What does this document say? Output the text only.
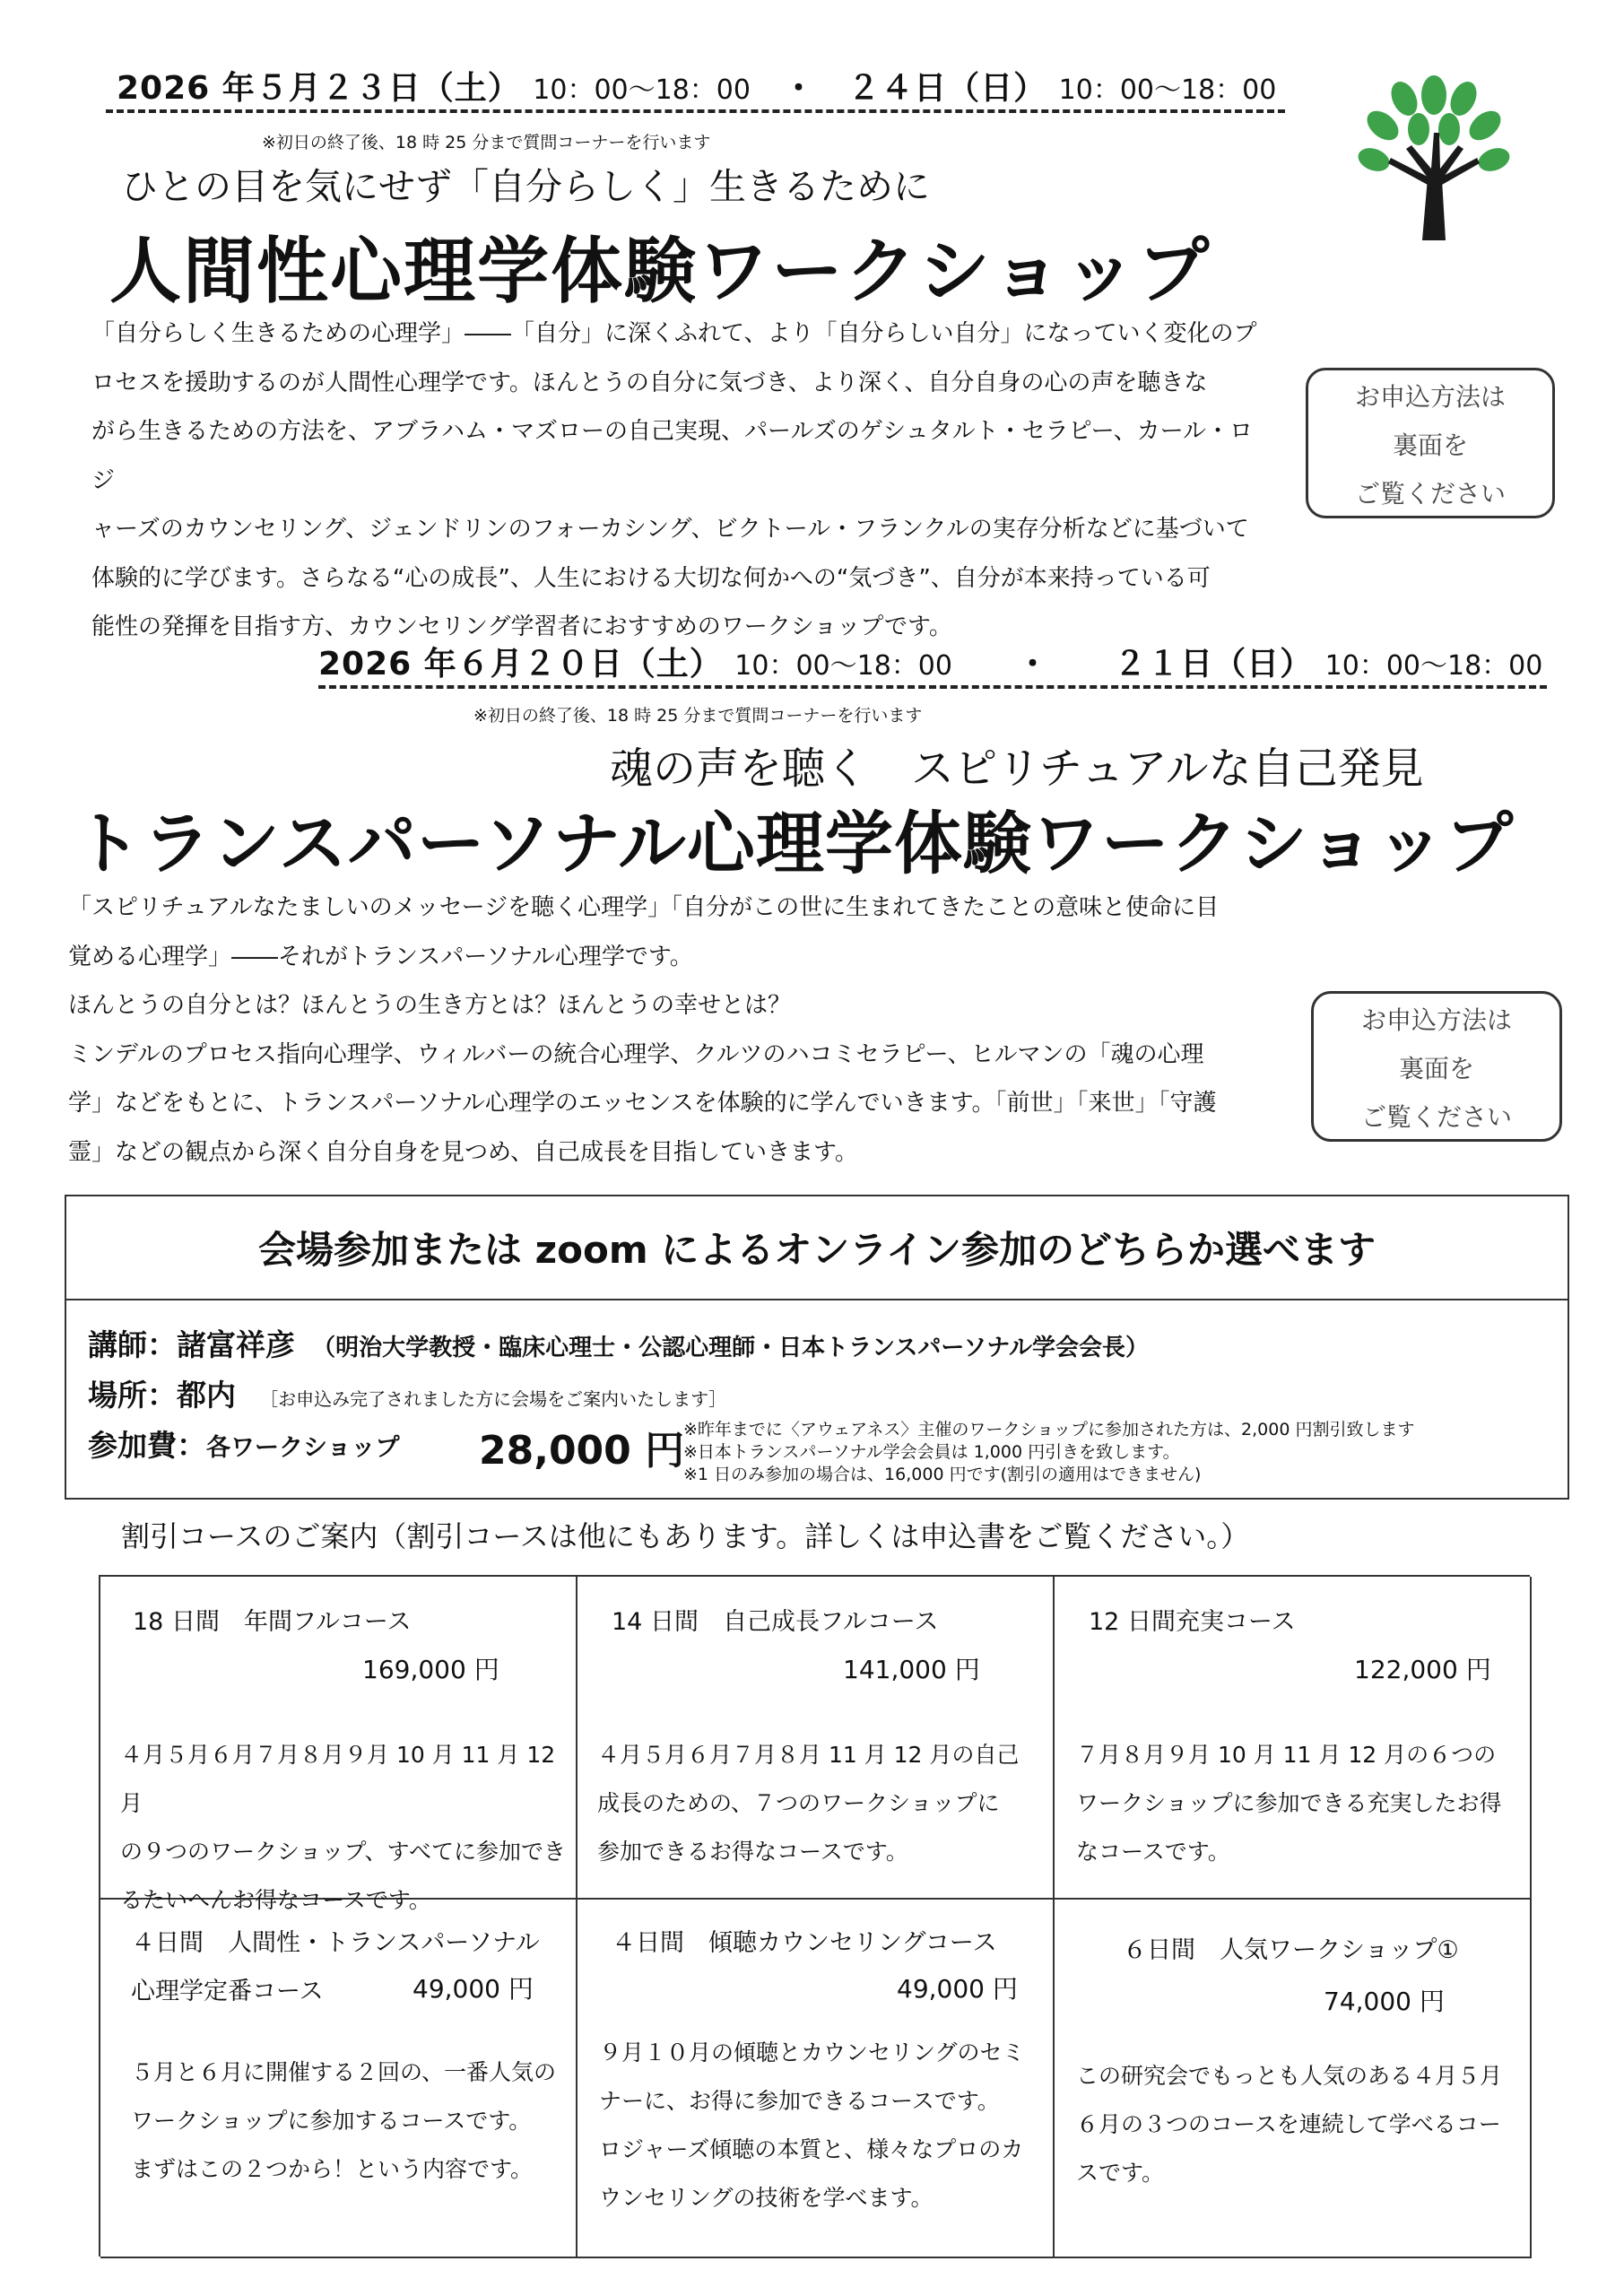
2026 年５月２３日（土） 10：00～18：00 ・ ２４日（日） 10：00～18：00
※初日の終了後、18 時 25 分まで質問コーナーを行います
ひとの目を気にせず「自分らしく」生きるために
人間性心理学体験ワークショップ

「自分らしく生きるための心理学」――「自分」に深くふれて、より「自分らしい自分」になっていく変化のプ

ロセスを援助するのが人間性心理学です。ほんとうの自分に気づき、より深く、自分自身の心の声を聴きな

がら生きるための方法を、アブラハム・マズローの自己実現、パールズのゲシュタルト・セラピー、カール・ロジ

ャーズのカウンセリング、ジェンドリンのフォーカシング、ビクトール・フランクルの実存分析などに基づいて

体験的に学びます。さらなる“心の成長”、人生における大切な何かへの“気づき”、自分が本来持っている可

能性の発揮を目指す方、カウンセリング学習者におすすめのワークショップです。

お申込方法は
裏面を
ご覧ください
2026 年６月２０日（土） 10：00～18：00 ・ ２１日（日） 10：00～18：00
※初日の終了後、18 時 25 分まで質問コーナーを行います
魂の声を聴く　スピリチュアルな自己発見
トランスパーソナル心理学体験ワークショップ

「スピリチュアルなたましいのメッセージを聴く心理学」「自分がこの世に生まれてきたことの意味と使命に目

覚める心理学」――それがトランスパーソナル心理学です。

ほんとうの自分とは？ほんとうの生き方とは？ほんとうの幸せとは？

ミンデルのプロセス指向心理学、ウィルバーの統合心理学、クルツのハコミセラピー、ヒルマンの「魂の心理

学」などをもとに、トランスパーソナル心理学のエッセンスを体験的に学んでいきます。「前世」「来世」「守護

霊」などの観点から深く自分自身を見つめ、自己成長を目指していきます。

お申込方法は
裏面を
ご覧ください
会場参加または zoom によるオンライン参加のどちらか選べます
講師：諸富祥彦 （明治大学教授・臨床心理士・公認心理師・日本トランスパーソナル学会会長）
場所：都内 ［お申込み完了されました方に会場をご案内いたします］
参加費：各ワークショップ 28,000 円
※昨年までに〈アウェアネス〉主催のワークショップに参加された方は、2,000 円割引致します
※日本トランスパーソナル学会会員は 1,000 円引きを致します。
※1 日のみ参加の場合は、16,000 円です(割引の適用はできません)
割引コースのご案内（割引コースは他にもあります。詳しくは申込書をご覧ください。）
18 日間　年間フルコース
169,000 円
４月５月６月７月８月９月 10 月 11 月 12 月
の９つのワークショップ、すべてに参加でき
るたいへんお得なコースです。
14 日間　自己成長フルコース
141,000 円
４月５月６月７月８月 11 月 12 月の自己
成長のための、７つのワークショップに
参加できるお得なコースです。
12 日間充実コース
122,000 円
７月８月９月 10 月 11 月 12 月の６つの
ワークショップに参加できる充実したお得
なコースです。
４日間　人間性・トランスパーソナル
心理学定番コース	49,000 円
５月と６月に開催する２回の、一番人気の
ワークショップに参加するコースです。
まずはこの２つから！という内容です。
４日間　傾聴カウンセリングコース
49,000 円
９月１０月の傾聴とカウンセリングのセミ
ナーに、お得に参加できるコースです。
ロジャーズ傾聴の本質と、様々なプロのカ
ウンセリングの技術を学べます。
６日間　人気ワークショップ①
74,000 円
この研究会でもっとも人気のある４月５月
６月の３つのコースを連続して学べるコー
スです。
